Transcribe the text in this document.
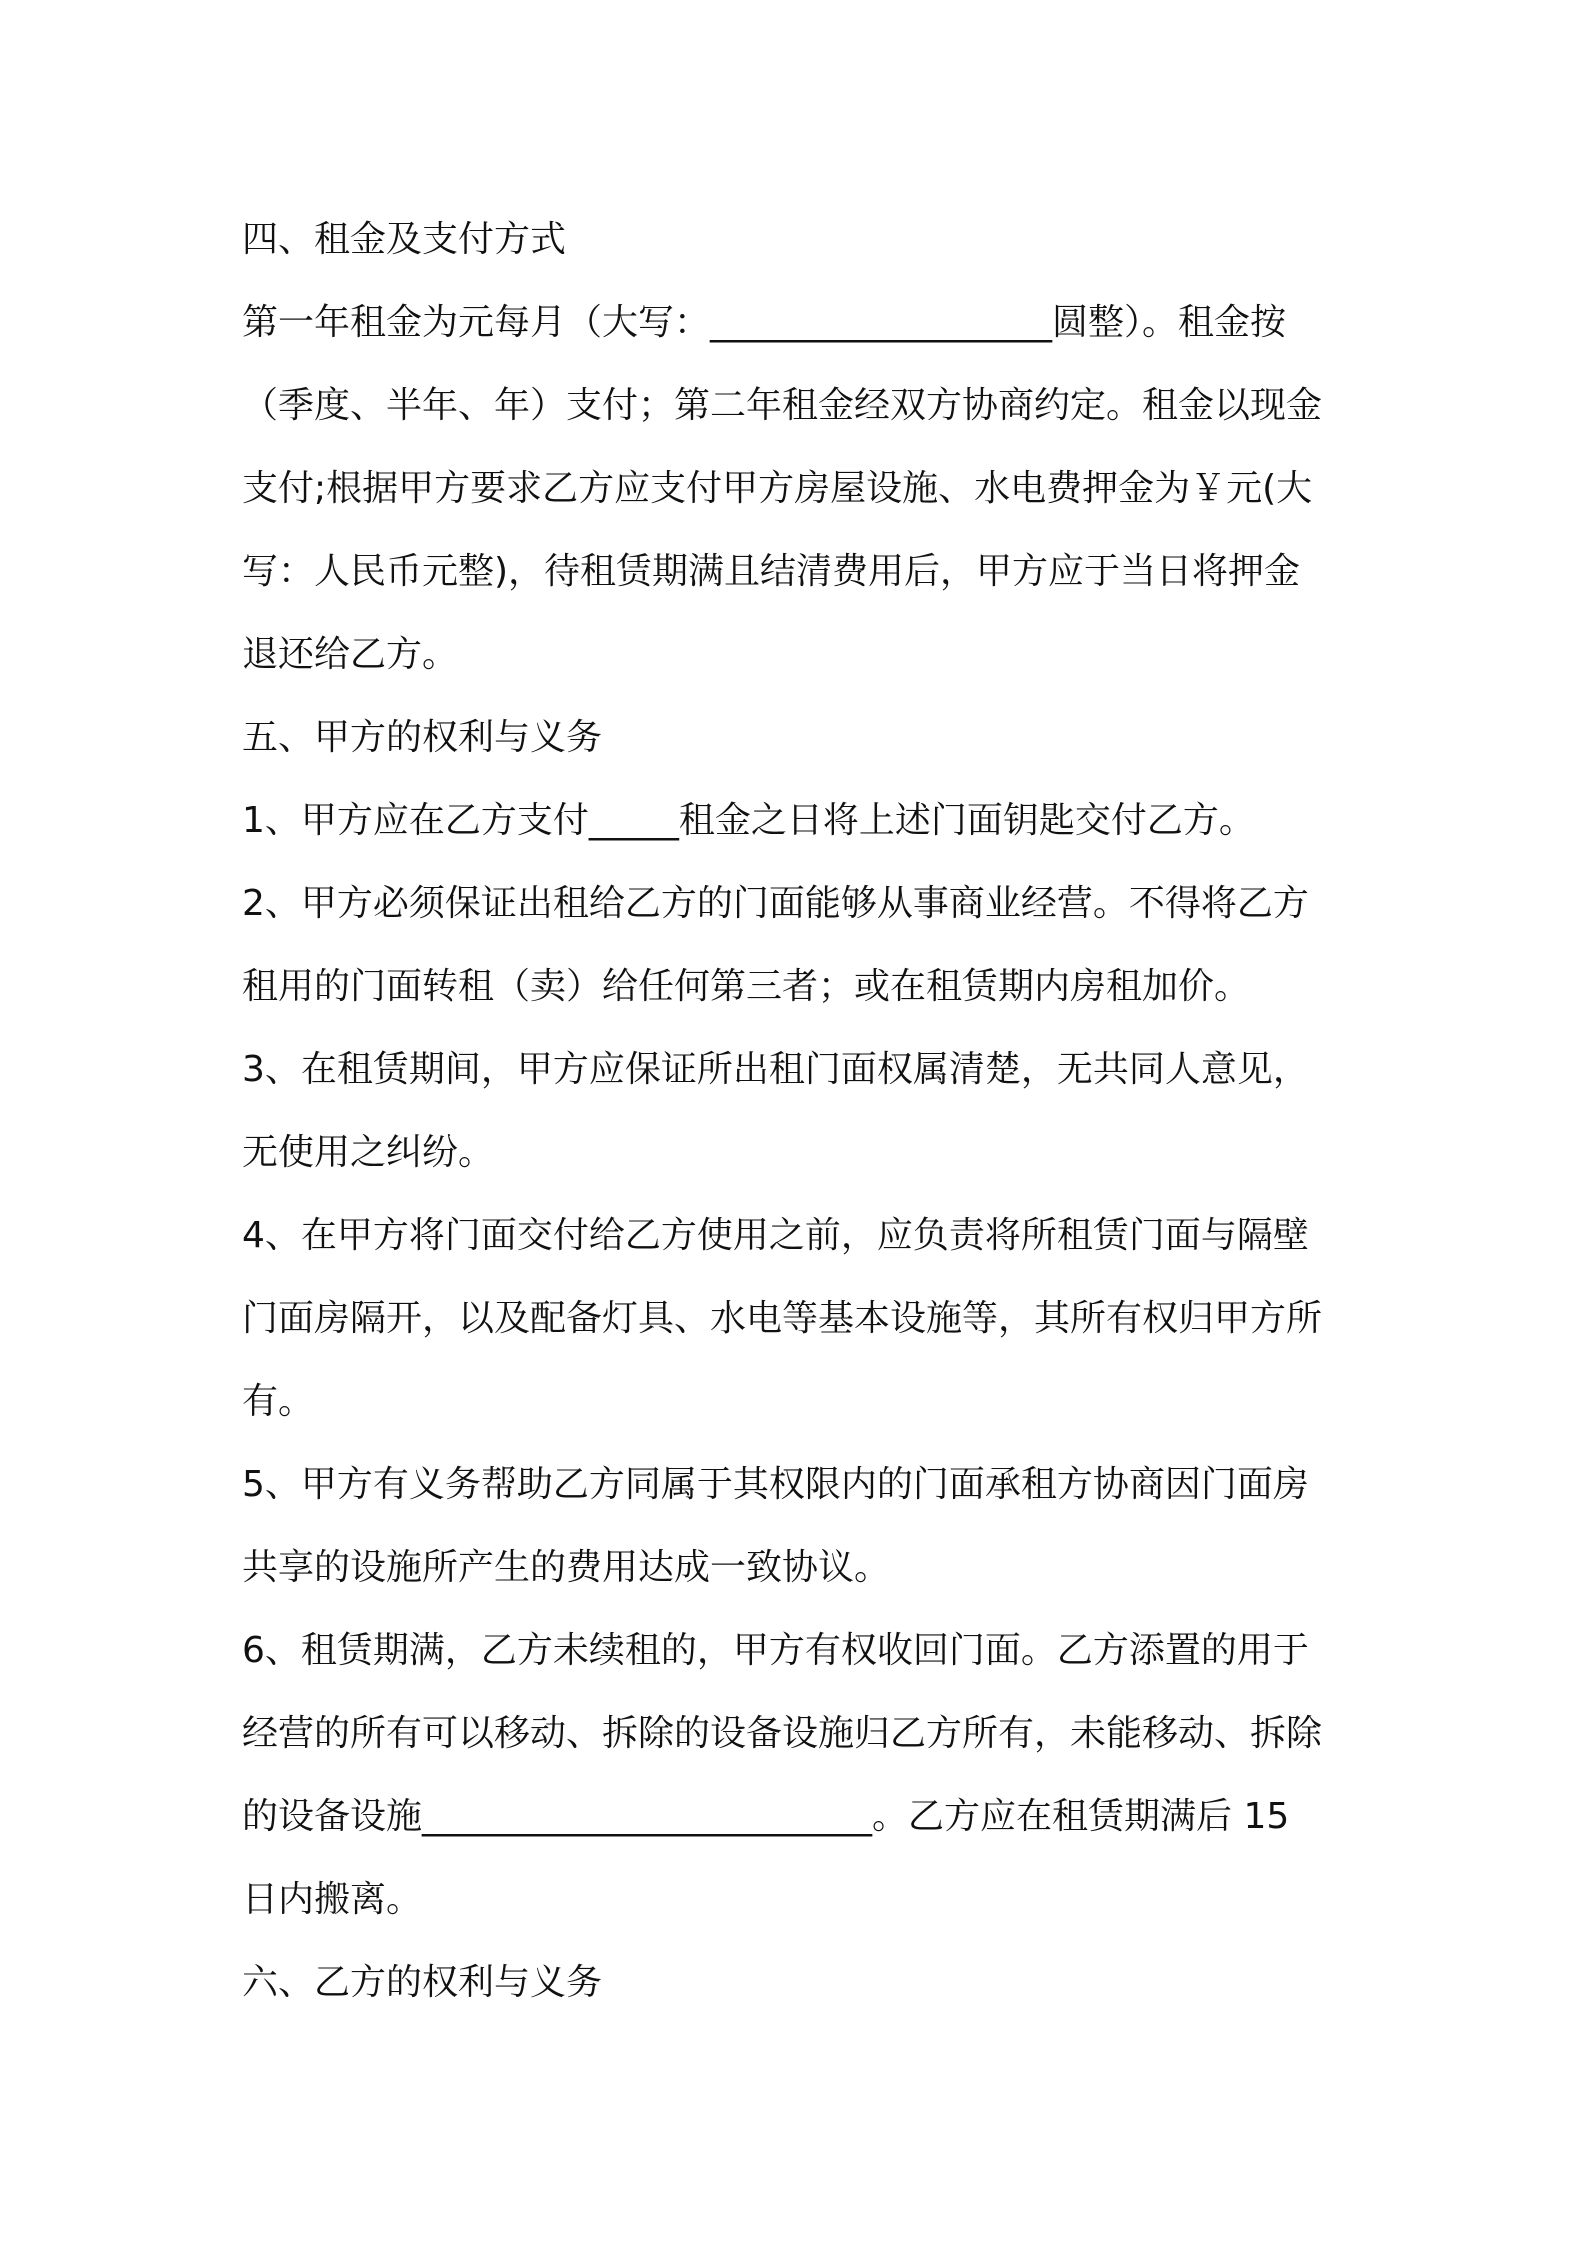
四、租金及支付方式
第一年租金为元每月（大写：___________________圆整）。租金按
（季度、半年、年）支付；第二年租金经双方协商约定。租金以现金
支付;根据甲方要求乙方应支付甲方房屋设施、水电费押金为￥元(大
写：人民币元整)，待租赁期满且结清费用后，甲方应于当日将押金
退还给乙方。
五、甲方的权利与义务
1、甲方应在乙方支付_____租金之日将上述门面钥匙交付乙方。
2、甲方必须保证出租给乙方的门面能够从事商业经营。不得将乙方
租用的门面转租（卖）给任何第三者；或在租赁期内房租加价。
3、在租赁期间，甲方应保证所出租门面权属清楚，无共同人意见，
无使用之纠纷。
4、在甲方将门面交付给乙方使用之前，应负责将所租赁门面与隔壁
门面房隔开，以及配备灯具、水电等基本设施等，其所有权归甲方所
有。
5、甲方有义务帮助乙方同属于其权限内的门面承租方协商因门面房
共享的设施所产生的费用达成一致协议。
6、租赁期满，乙方未续租的，甲方有权收回门面。乙方添置的用于
经营的所有可以移动、拆除的设备设施归乙方所有，未能移动、拆除
的设备设施_________________________。乙方应在租赁期满后 15
日内搬离。
六、乙方的权利与义务
